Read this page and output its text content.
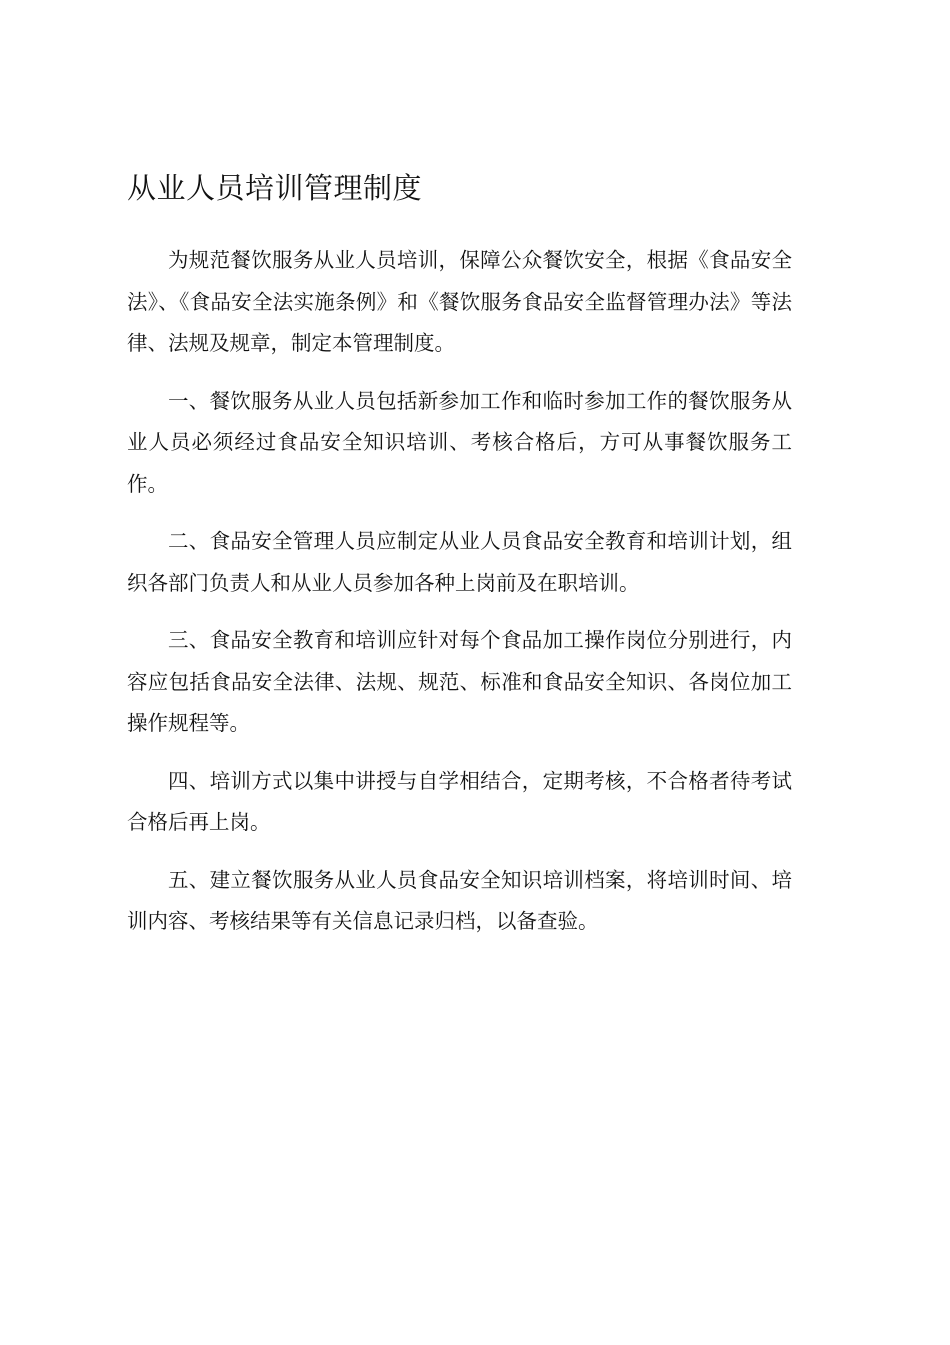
从业人员培训管理制度

为规范餐饮服务从业人员培训，保障公众餐饮安全，根据《食品安全法》、《食品安全法实施条例》和《餐饮服务食品安全监督管理办法》等法律、法规及规章，制定本管理制度。

一、餐饮服务从业人员包括新参加工作和临时参加工作的餐饮服务从业人员必须经过食品安全知识培训、考核合格后，方可从事餐饮服务工作。

二、食品安全管理人员应制定从业人员食品安全教育和培训计划，组织各部门负责人和从业人员参加各种上岗前及在职培训。

三、食品安全教育和培训应针对每个食品加工操作岗位分别进行，内容应包括食品安全法律、法规、规范、标准和食品安全知识、各岗位加工操作规程等。

四、培训方式以集中讲授与自学相结合，定期考核，不合格者待考试合格后再上岗。

五、建立餐饮服务从业人员食品安全知识培训档案，将培训时间、培训内容、考核结果等有关信息记录归档，以备查验。
